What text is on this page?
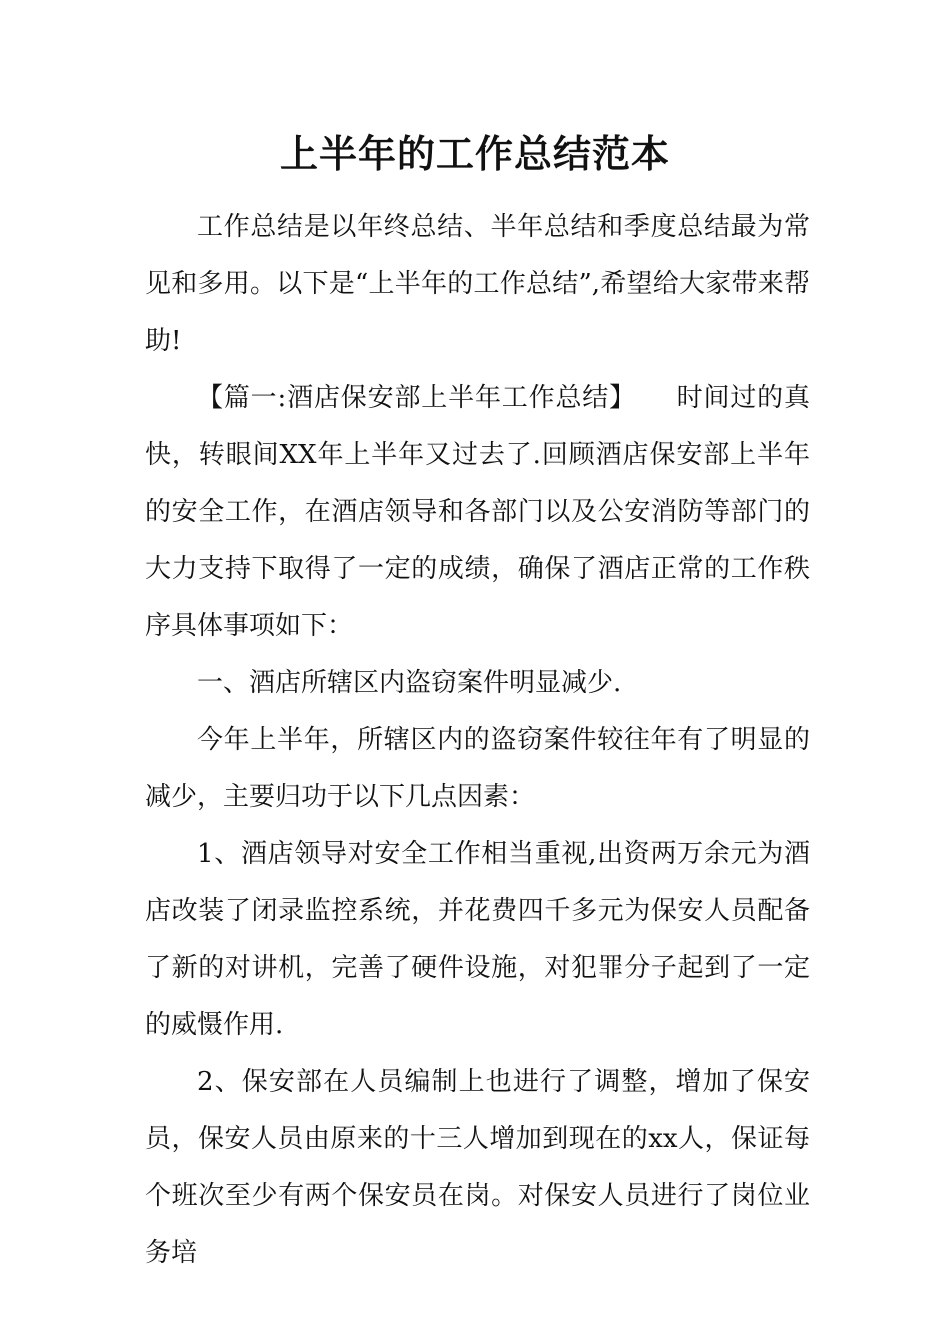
上半年的工作总结范本

工作总结是以年终总结、半年总结和季度总结最为常见和多用。以下是“上半年的工作总结”,希望给大家带来帮助!

【篇一:酒店保安部上半年工作总结】　　时间过的真快，转眼间XX年上半年又过去了.回顾酒店保安部上半年的安全工作，在酒店领导和各部门以及公安消防等部门的大力支持下取得了一定的成绩，确保了酒店正常的工作秩序具体事项如下：

一、酒店所辖区内盗窃案件明显减少.

今年上半年，所辖区内的盗窃案件较往年有了明显的减少，主要归功于以下几点因素：

1、酒店领导对安全工作相当重视,出资两万余元为酒店改装了闭录监控系统，并花费四千多元为保安人员配备了新的对讲机，完善了硬件设施，对犯罪分子起到了一定的威慑作用.

2、保安部在人员编制上也进行了调整，增加了保安员，保安人员由原来的十三人增加到现在的xx人，保证每个班次至少有两个保安员在岗。对保安人员进行了岗位业务培
